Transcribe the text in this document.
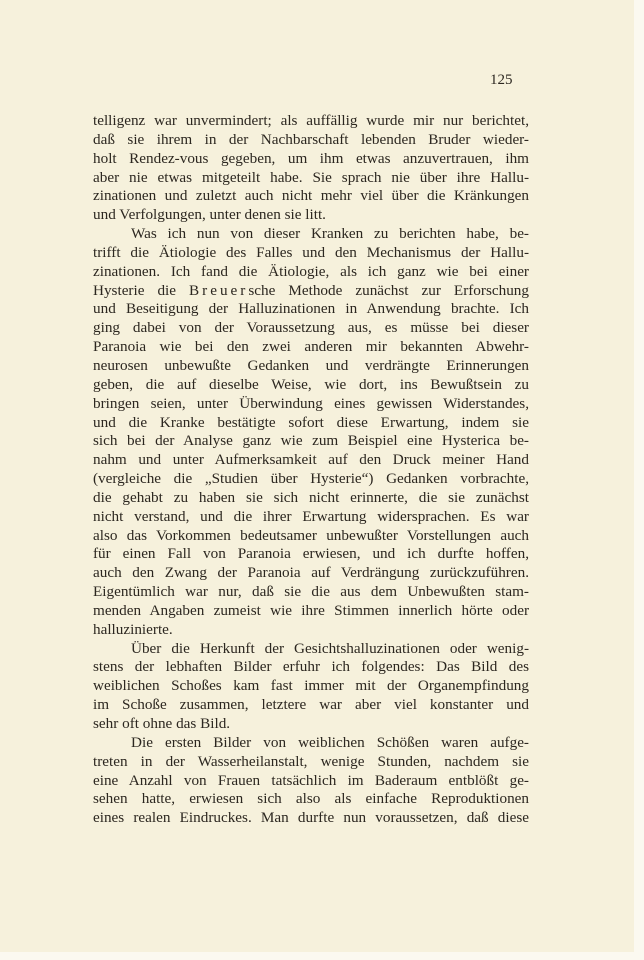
125
telligenz war unvermindert; als auffällig wurde mir nur berichtet,
daß sie ihrem in der Nachbarschaft lebenden Bruder wieder-
holt Rendez-vous gegeben, um ihm etwas anzuvertrauen, ihm
aber nie etwas mitgeteilt habe. Sie sprach nie über ihre Hallu-
zinationen und zuletzt auch nicht mehr viel über die Kränkungen
und Verfolgungen, unter denen sie litt.
Was ich nun von dieser Kranken zu berichten habe, be-
trifft die Ätiologie des Falles und den Mechanismus der Hallu-
zinationen. Ich fand die Ätiologie, als ich ganz wie bei einer
Hysterie die Breuersche Methode zunächst zur Erforschung
und Beseitigung der Halluzinationen in Anwendung brachte. Ich
ging dabei von der Voraussetzung aus, es müsse bei dieser
Paranoia wie bei den zwei anderen mir bekannten Abwehr-
neurosen unbewußte Gedanken und verdrängte Erinnerungen
geben, die auf dieselbe Weise, wie dort, ins Bewußtsein zu
bringen seien, unter Überwindung eines gewissen Widerstandes,
und die Kranke bestätigte sofort diese Erwartung, indem sie
sich bei der Analyse ganz wie zum Beispiel eine Hysterica be-
nahm und unter Aufmerksamkeit auf den Druck meiner Hand
(vergleiche die „Studien über Hysterie“) Gedanken vorbrachte,
die gehabt zu haben sie sich nicht erinnerte, die sie zunächst
nicht verstand, und die ihrer Erwartung widersprachen. Es war
also das Vorkommen bedeutsamer unbewußter Vorstellungen auch
für einen Fall von Paranoia erwiesen, und ich durfte hoffen,
auch den Zwang der Paranoia auf Verdrängung zurückzuführen.
Eigentümlich war nur, daß sie die aus dem Unbewußten stam-
menden Angaben zumeist wie ihre Stimmen innerlich hörte oder
halluzinierte.
Über die Herkunft der Gesichtshalluzinationen oder wenig-
stens der lebhaften Bilder erfuhr ich folgendes: Das Bild des
weiblichen Schoßes kam fast immer mit der Organempfindung
im Schoße zusammen, letztere war aber viel konstanter und
sehr oft ohne das Bild.
Die ersten Bilder von weiblichen Schößen waren aufge-
treten in der Wasserheilanstalt, wenige Stunden, nachdem sie
eine Anzahl von Frauen tatsächlich im Baderaum entblößt ge-
sehen hatte, erwiesen sich also als einfache Reproduktionen
eines realen Eindruckes. Man durfte nun voraussetzen, daß diese
